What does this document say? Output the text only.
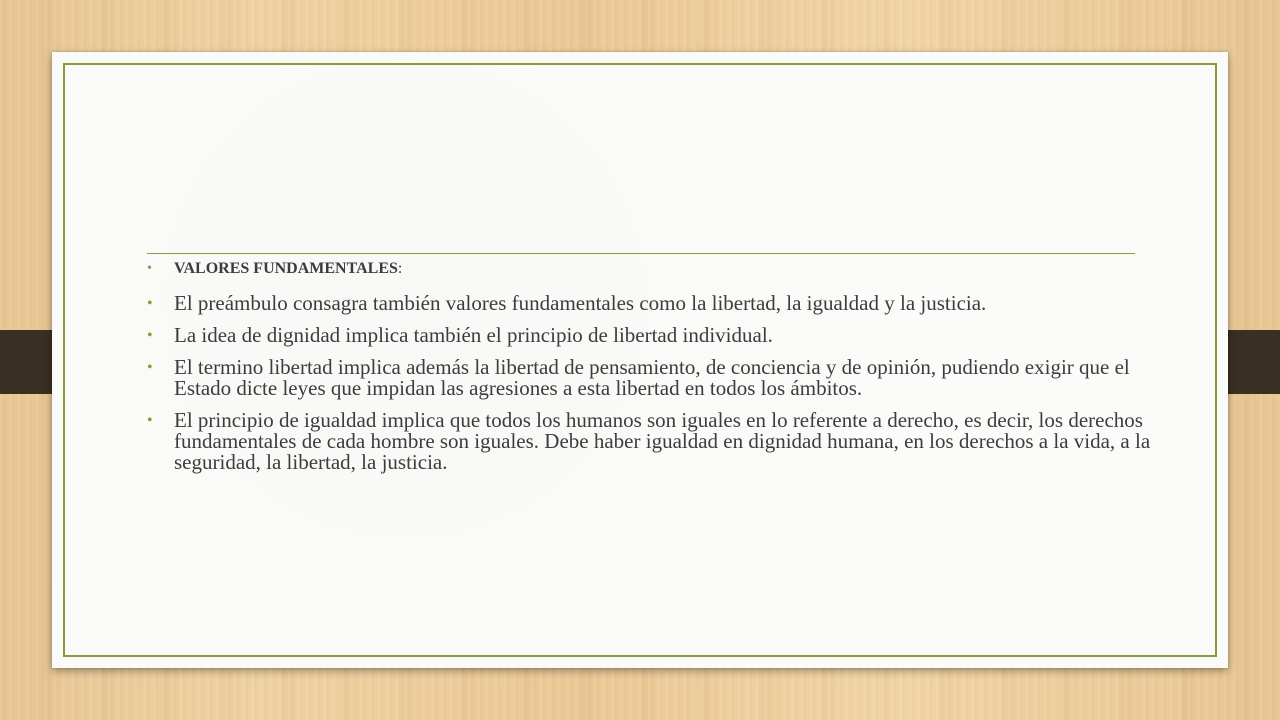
• VALORES FUNDAMENTALES:
• El preámbulo consagra también valores fundamentales como la libertad, la igualdad y la justicia.
• La idea de dignidad implica también el principio de libertad individual.
• El termino libertad implica además la libertad de pensamiento, de conciencia y de opinión, pudiendo exigir que el Estado dicte leyes que impidan las agresiones a esta libertad en todos los ámbitos.
• El principio de igualdad implica que todos los humanos son iguales en lo referente a derecho, es decir, los derechos fundamentales de cada hombre son iguales. Debe haber igualdad en dignidad humana, en los derechos a la vida, a la seguridad, la libertad, la justicia.
